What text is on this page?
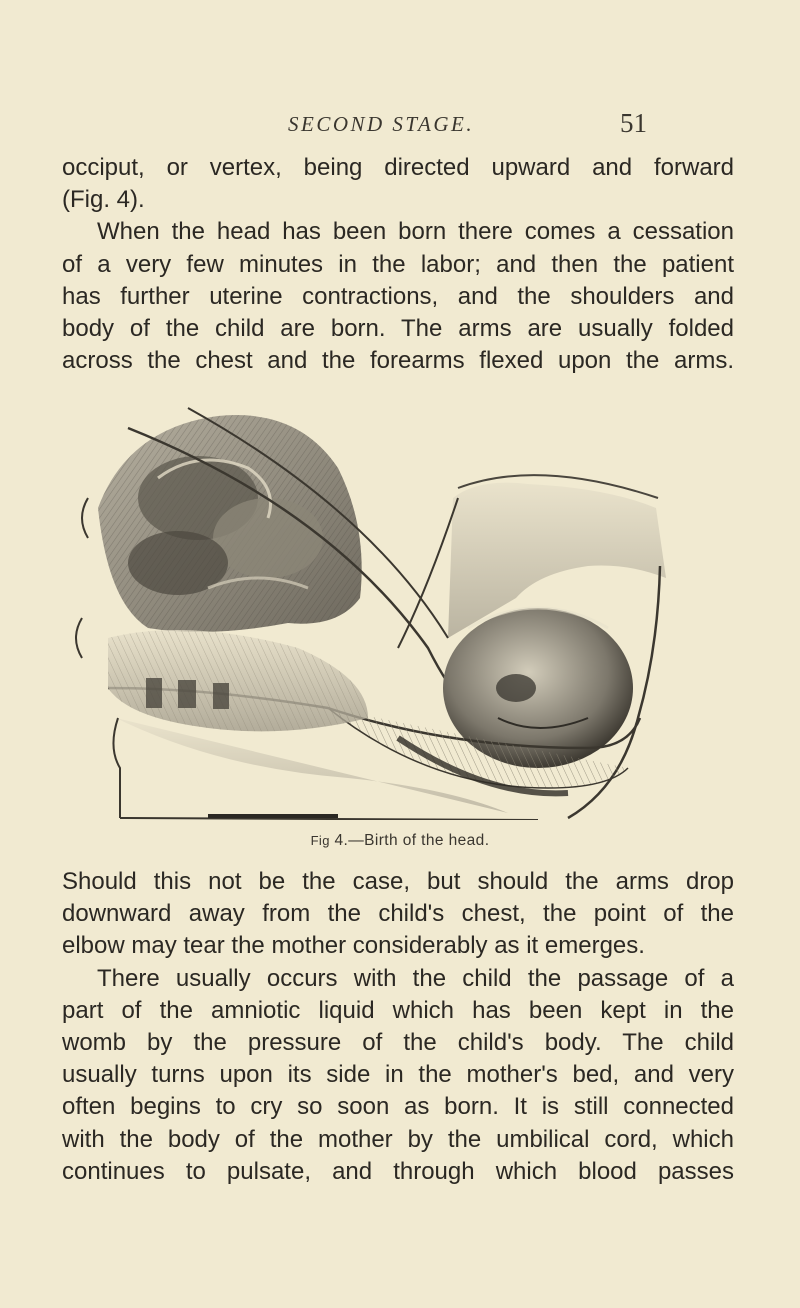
SECOND STAGE.	51
occiput, or vertex, being directed upward and forward
(Fig. 4).
When the head has been born there comes a cessation
of a very few minutes in the labor; and then the patient
has further uterine contractions, and the shoulders and
body of the child are born. The arms are usually folded
across the chest and the forearms flexed upon the arms.
Fig 4.—Birth of the head.
Should this not be the case, but should the arms drop
downward away from the child's chest, the point of the
elbow may tear the mother considerably as it emerges.
There usually occurs with the child the passage of a
part of the amniotic liquid which has been kept in the
womb by the pressure of the child's body. The child
usually turns upon its side in the mother's bed, and very
often begins to cry so soon as born. It is still connected
with the body of the mother by the umbilical cord, which
continues to pulsate, and through which blood passes
